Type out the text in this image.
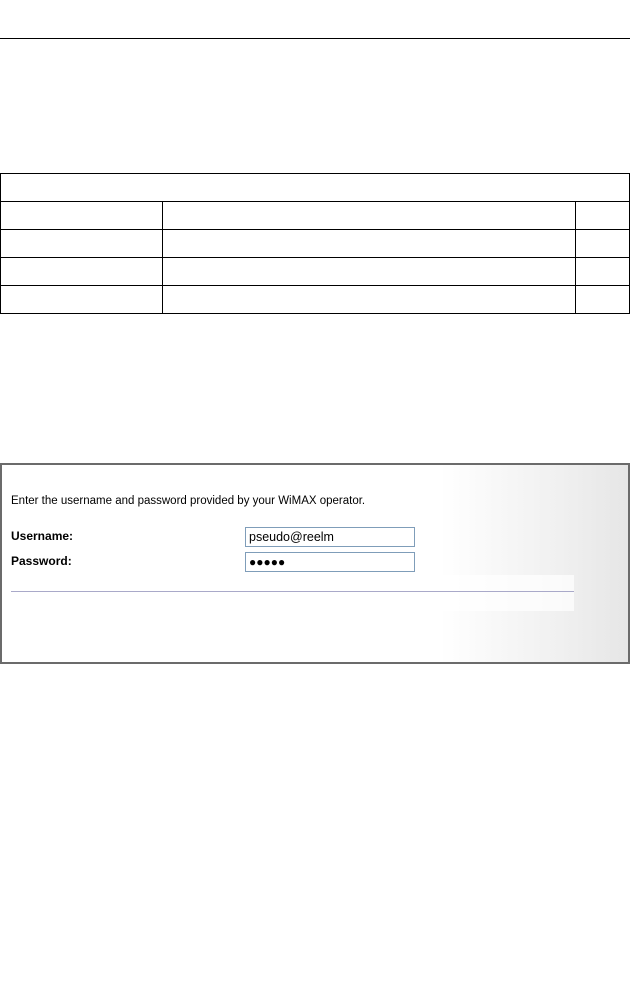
Enter the username and password provided by your WiMAX operator.
Username:	pseudo@reelm
Password:	●●●●●
